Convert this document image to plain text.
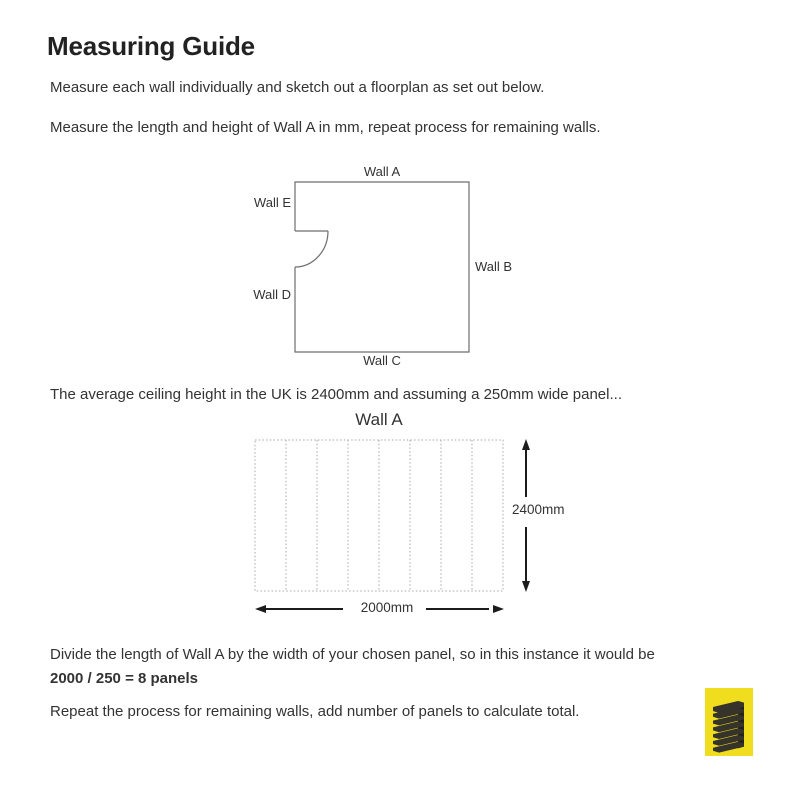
Measuring Guide

Measure each wall individually and sketch out a floorplan as set out below.

Measure the length and height of Wall A in mm, repeat process for remaining walls.

Wall A
Wall E
Wall B
Wall D
Wall C

The average ceiling height in the UK is 2400mm and assuming a 250mm wide panel...

Wall A
2400mm
2000mm

Divide the length of Wall A by the width of your chosen panel, so in this instance it would be

2000 / 250 = 8 panels

Repeat the process for remaining walls, add number of panels to calculate total.
